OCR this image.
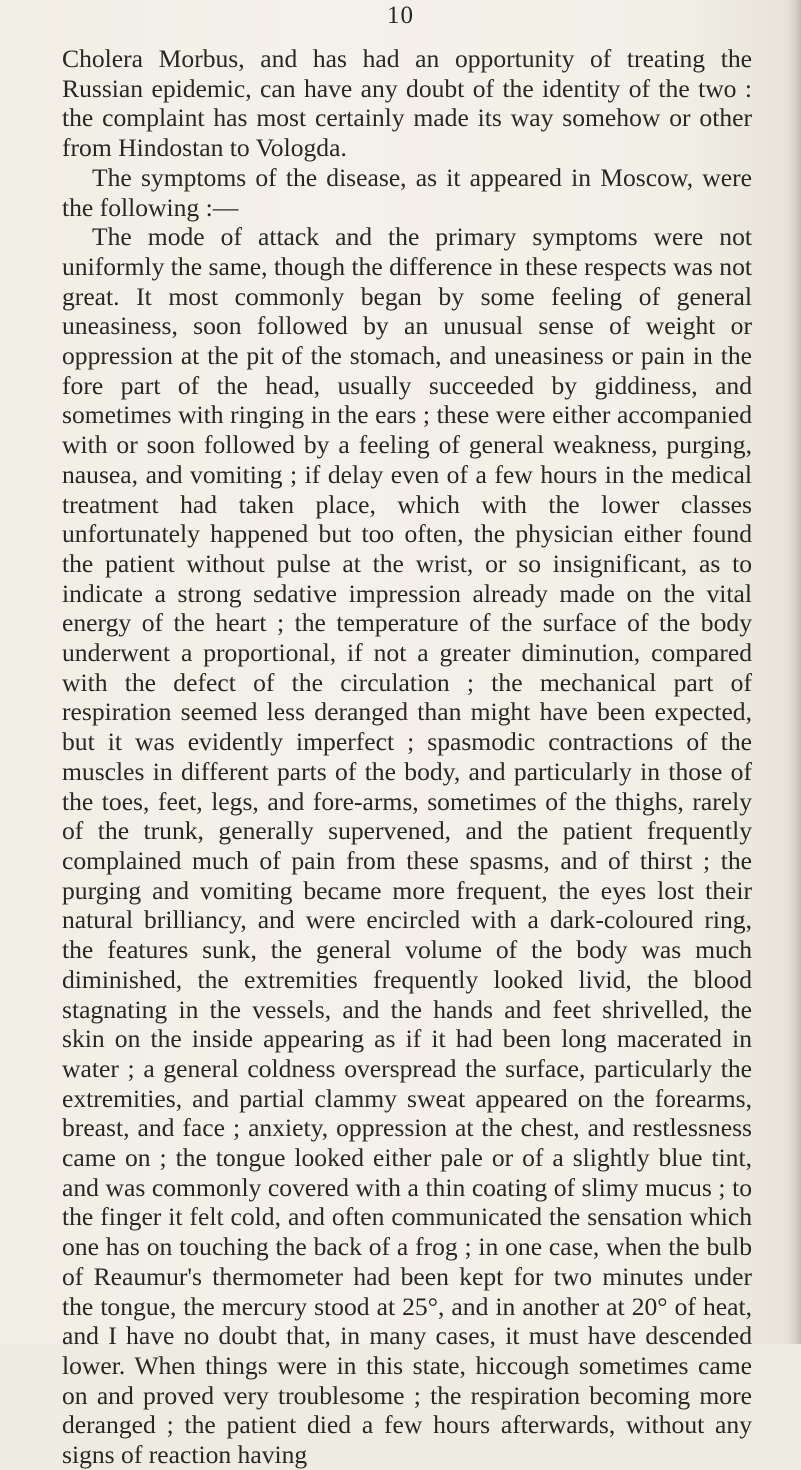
10

Cholera Morbus, and has had an opportunity of treating the Russian epidemic, can have any doubt of the identity of the two : the complaint has most certainly made its way somehow or other from Hindostan to Vologda.

The symptoms of the disease, as it appeared in Moscow, were the following :—

The mode of attack and the primary symptoms were not uniformly the same, though the difference in these respects was not great. It most commonly began by some feeling of general uneasiness, soon followed by an unusual sense of weight or oppression at the pit of the stomach, and uneasiness or pain in the fore part of the head, usually succeeded by giddiness, and sometimes with ringing in the ears ; these were either accompanied with or soon followed by a feeling of general weakness, purging, nausea, and vomiting ; if delay even of a few hours in the medical treatment had taken place, which with the lower classes unfortunately happened but too often, the physician either found the patient without pulse at the wrist, or so insignificant, as to indicate a strong sedative impression already made on the vital energy of the heart ; the temperature of the surface of the body underwent a proportional, if not a greater diminution, compared with the defect of the circulation ; the mechanical part of respiration seemed less deranged than might have been expected, but it was evidently imperfect ; spasmodic contractions of the muscles in different parts of the body, and particularly in those of the toes, feet, legs, and fore-arms, sometimes of the thighs, rarely of the trunk, generally supervened, and the patient frequently complained much of pain from these spasms, and of thirst ; the purging and vomiting became more frequent, the eyes lost their natural brilliancy, and were encircled with a dark-coloured ring, the features sunk, the general volume of the body was much diminished, the extremities frequently looked livid, the blood stagnating in the vessels, and the hands and feet shrivelled, the skin on the inside appearing as if it had been long macerated in water ; a general coldness overspread the surface, particularly the extremities, and partial clammy sweat appeared on the forearms, breast, and face ; anxiety, oppression at the chest, and restlessness came on ; the tongue looked either pale or of a slightly blue tint, and was commonly covered with a thin coating of slimy mucus ; to the finger it felt cold, and often communicated the sensation which one has on touching the back of a frog ; in one case, when the bulb of Reaumur's thermometer had been kept for two minutes under the tongue, the mercury stood at 25°, and in another at 20° of heat, and I have no doubt that, in many cases, it must have descended lower. When things were in this state, hiccough sometimes came on and proved very troublesome ; the respiration becoming more deranged ; the patient died a few hours afterwards, without any signs of reaction having
